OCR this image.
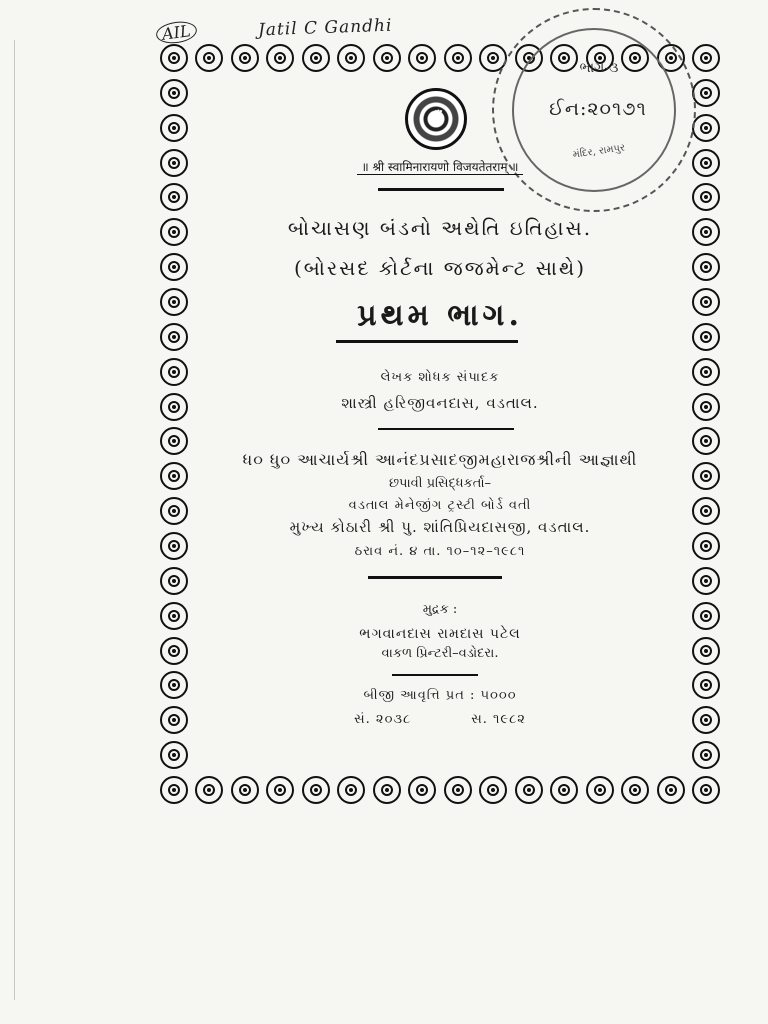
AIL	Jatil C Gandhi
ભાગ-૩
ઈન:૨૦૧૭૧
મંદિર, રામપુર
ॐ
॥ श्री स्वामिनारायणो विजयतेतराम् ॥
બોચાસણ બંડનો અથેતિ ઇતિહાસ.
(બોરસદ કોર્ટના જજમેન્ટ સાથે)
પ્રથમ ભાગ.
લેખક શોધક સંપાદક
શાસ્ત્રી હરિજીવનદાસ, વડતાલ.
ધ૦ ધુ૦ આચાર્યશ્રી આનંદપ્રસાદજીમહારાજશ્રીની આજ્ઞાથી
છપાવી પ્રસિદ્ધકર્તા–
વડતાલ મેનેજીંગ ટ્રસ્ટી બોર્ડ વતી
મુખ્ય કોઠારી શ્રી પુ. શાંતિપ્રિયદાસજી, વડતાલ.
ઠરાવ નં. ૪ તા. ૧૦–૧૨–૧૯૮૧
મુદ્રક :
ભગવાનદાસ રામદાસ પટેલ
વાકળ પ્રિન્ટરી–વડોદરા.
બીજી આવૃત્તિ પ્રત : ૫૦૦૦
સં. ૨૦૩૮	સ. ૧૯૮૨
